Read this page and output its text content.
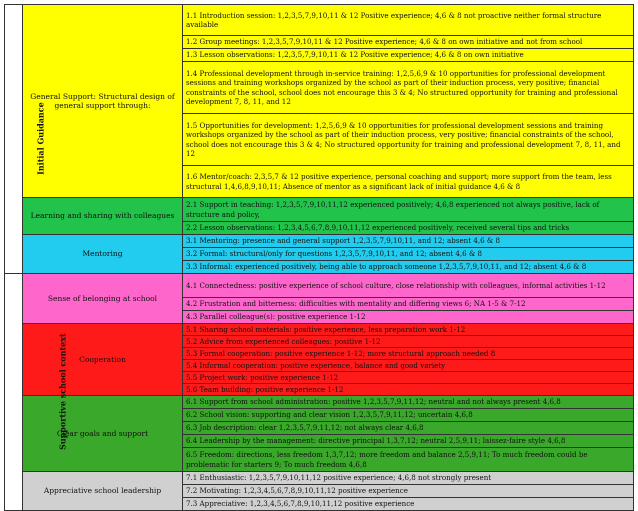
Initial Guidance	General Support: Structural design of general support through:	1.1 Introduction session: 1,2,3,5,7,9,10,11 & 12 Positive experience; 4,6 & 8 not proactive neither formal structure available
		1.2 Group meetings: 1,2,3,5,7,9,10,11 & 12 Positive experience; 4,6 & 8 on own initiative and not from school
		1.3 Lesson observations: 1,2,3,5,7,9,10,11 & 12 Positive experience; 4,6 & 8 on own initiative
		1.4 Professional development through in-service training: 1,2,5,6,9 & 10 opportunities for professional development sessions and training workshops organized by the school as part of their induction process, very positive; financial constraints of the school, school does not encourage this 3 & 4; No structured opportunity for training and professional development 7, 8, 11, and 12
		1.5 Opportunities for development: 1,2,5,6,9 & 10 opportunities for professional development sessions and training workshops organized by the school as part of their induction process, very positive; financial constraints of the school, school does not encourage this 3 & 4; No structured opportunity for training and professional development 7, 8, 11, and 12
		1.6 Mentor/coach: 2,3,5,7 & 12 positive experience, personal coaching and support; more support from the team, less structural 1,4,6,8,9,10,11; Absence of mentor as a significant lack of initial guidance 4,6 & 8
	Learning and sharing with colleagues	2.1 Support in teaching: 1,2,3,5,7,9,10,11,12 experienced positively; 4,6,8 experienced not always positive, lack of structure and policy,
		2.2 Lesson observations: 1,2,3,4,5,6,7,8,9,10,11,12 experienced positively, received several tips and tricks
	Mentoring	3.1 Mentoring: presence and general support 1,2,3,5,7,9,10,11, and 12; absent 4,6 & 8
		3.2 Formal: structural/only for questions 1,2,3,5,7,9,10,11, and 12; absent 4,6 & 8
		3.3 Informal: experienced positively, being able to approach someone 1,2,3,5,7,9,10,11, and 12; absent 4,6 & 8
Supportive school context	Sense of belonging at school	4.1 Connectedness: positive experience of school culture, close relationship with colleagues, informal activities 1-12
		4.2 Frustration and bitterness: difficulties with mentality and differing views 6; NA 1-5 & 7-12
		4.3 Parallel colleague(s): positive experience 1-12
	Cooperation	5.1 Sharing school materials: positive experience, less preparation work 1-12
		5.2 Advice from experienced colleagues: positive 1-12
		5.3 Formal cooperation: positive experience 1-12; more structural approach needed 8
		5.4 Informal cooperation: positive experience, balance and good variety
		5.5 Project work: positive experience 1-12
		5.6 Team building: positive experience 1-12
	Clear goals and support	6.1 Support from school administration: positive 1,2,3,5,7,9,11,12; neutral and not always present 4,6,8
		6.2 School vision: supporting and clear vision 1,2,3,5,7,9,11,12; uncertain 4,6,8
		6.3 Job description: clear 1,2,3,5,7,9,11,12; not always clear 4,6,8
		6.4 Leadership by the management: directive principal 1,3,7,12; neutral 2,5,9,11; laissez-faire style 4,6,8
		6.5 Freedom: directions, less freedom 1,3,7,12; more freedom and balance 2,5,9,11; To much freedom could be problematic for starters 9; To much freedom 4,6,8
	Appreciative school leadership	7.1 Enthusiastic: 1,2,3,5,7,9,10,11,12 positive experience; 4,6,8 not strongly present
		7.2 Motivating: 1,2,3,4,5,6,7,8,9,10,11,12 positive experience
		7.3 Appreciative: 1,2,3,4,5,6,7,8,9,10,11,12 positive experience
